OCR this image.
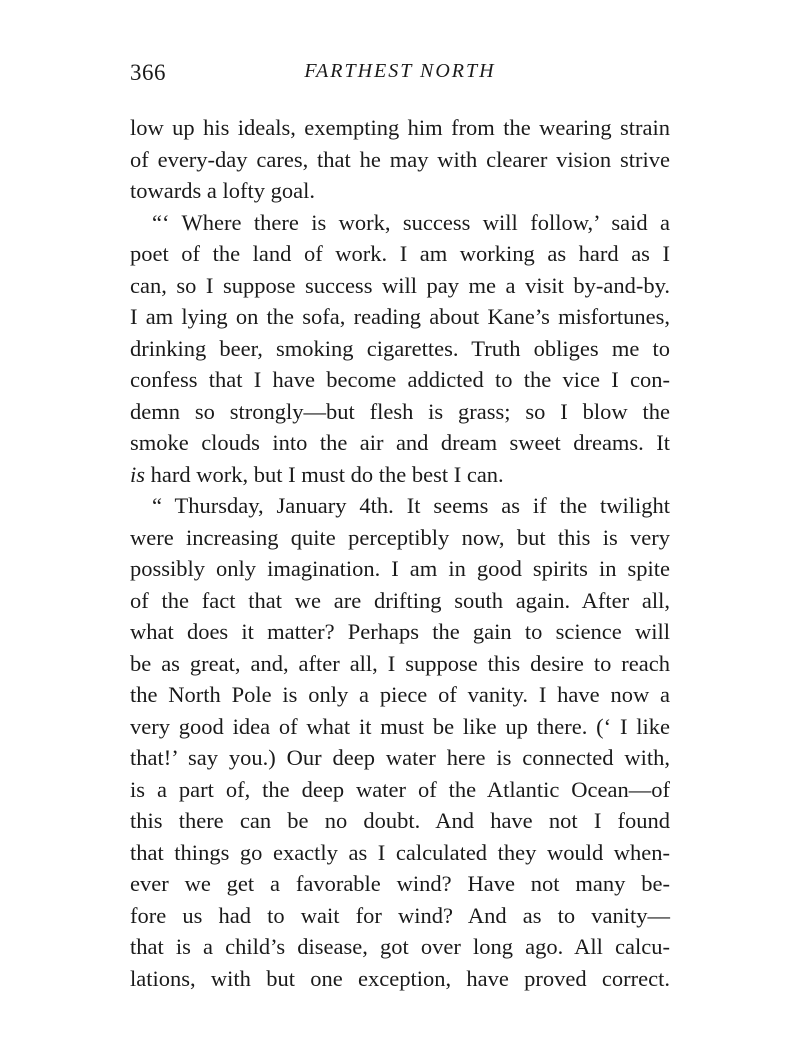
366	FARTHEST NORTH
low up his ideals, exempting him from the wearing strain
of every-day cares, that he may with clearer vision strive
towards a lofty goal.
“‘ Where there is work, success will follow,’ said a
poet of the land of work. I am working as hard as I
can, so I suppose success will pay me a visit by-and-by.
I am lying on the sofa, reading about Kane’s misfortunes,
drinking beer, smoking cigarettes. Truth obliges me to
confess that I have become addicted to the vice I con-
demn so strongly—but flesh is grass; so I blow the
smoke clouds into the air and dream sweet dreams. It
is hard work, but I must do the best I can.
“ Thursday, January 4th. It seems as if the twilight
were increasing quite perceptibly now, but this is very
possibly only imagination. I am in good spirits in spite
of the fact that we are drifting south again. After all,
what does it matter? Perhaps the gain to science will
be as great, and, after all, I suppose this desire to reach
the North Pole is only a piece of vanity. I have now a
very good idea of what it must be like up there. (‘ I like
that!’ say you.) Our deep water here is connected with,
is a part of, the deep water of the Atlantic Ocean—of
this there can be no doubt. And have not I found
that things go exactly as I calculated they would when-
ever we get a favorable wind? Have not many be-
fore us had to wait for wind? And as to vanity—
that is a child’s disease, got over long ago. All calcu-
lations, with but one exception, have proved correct.
